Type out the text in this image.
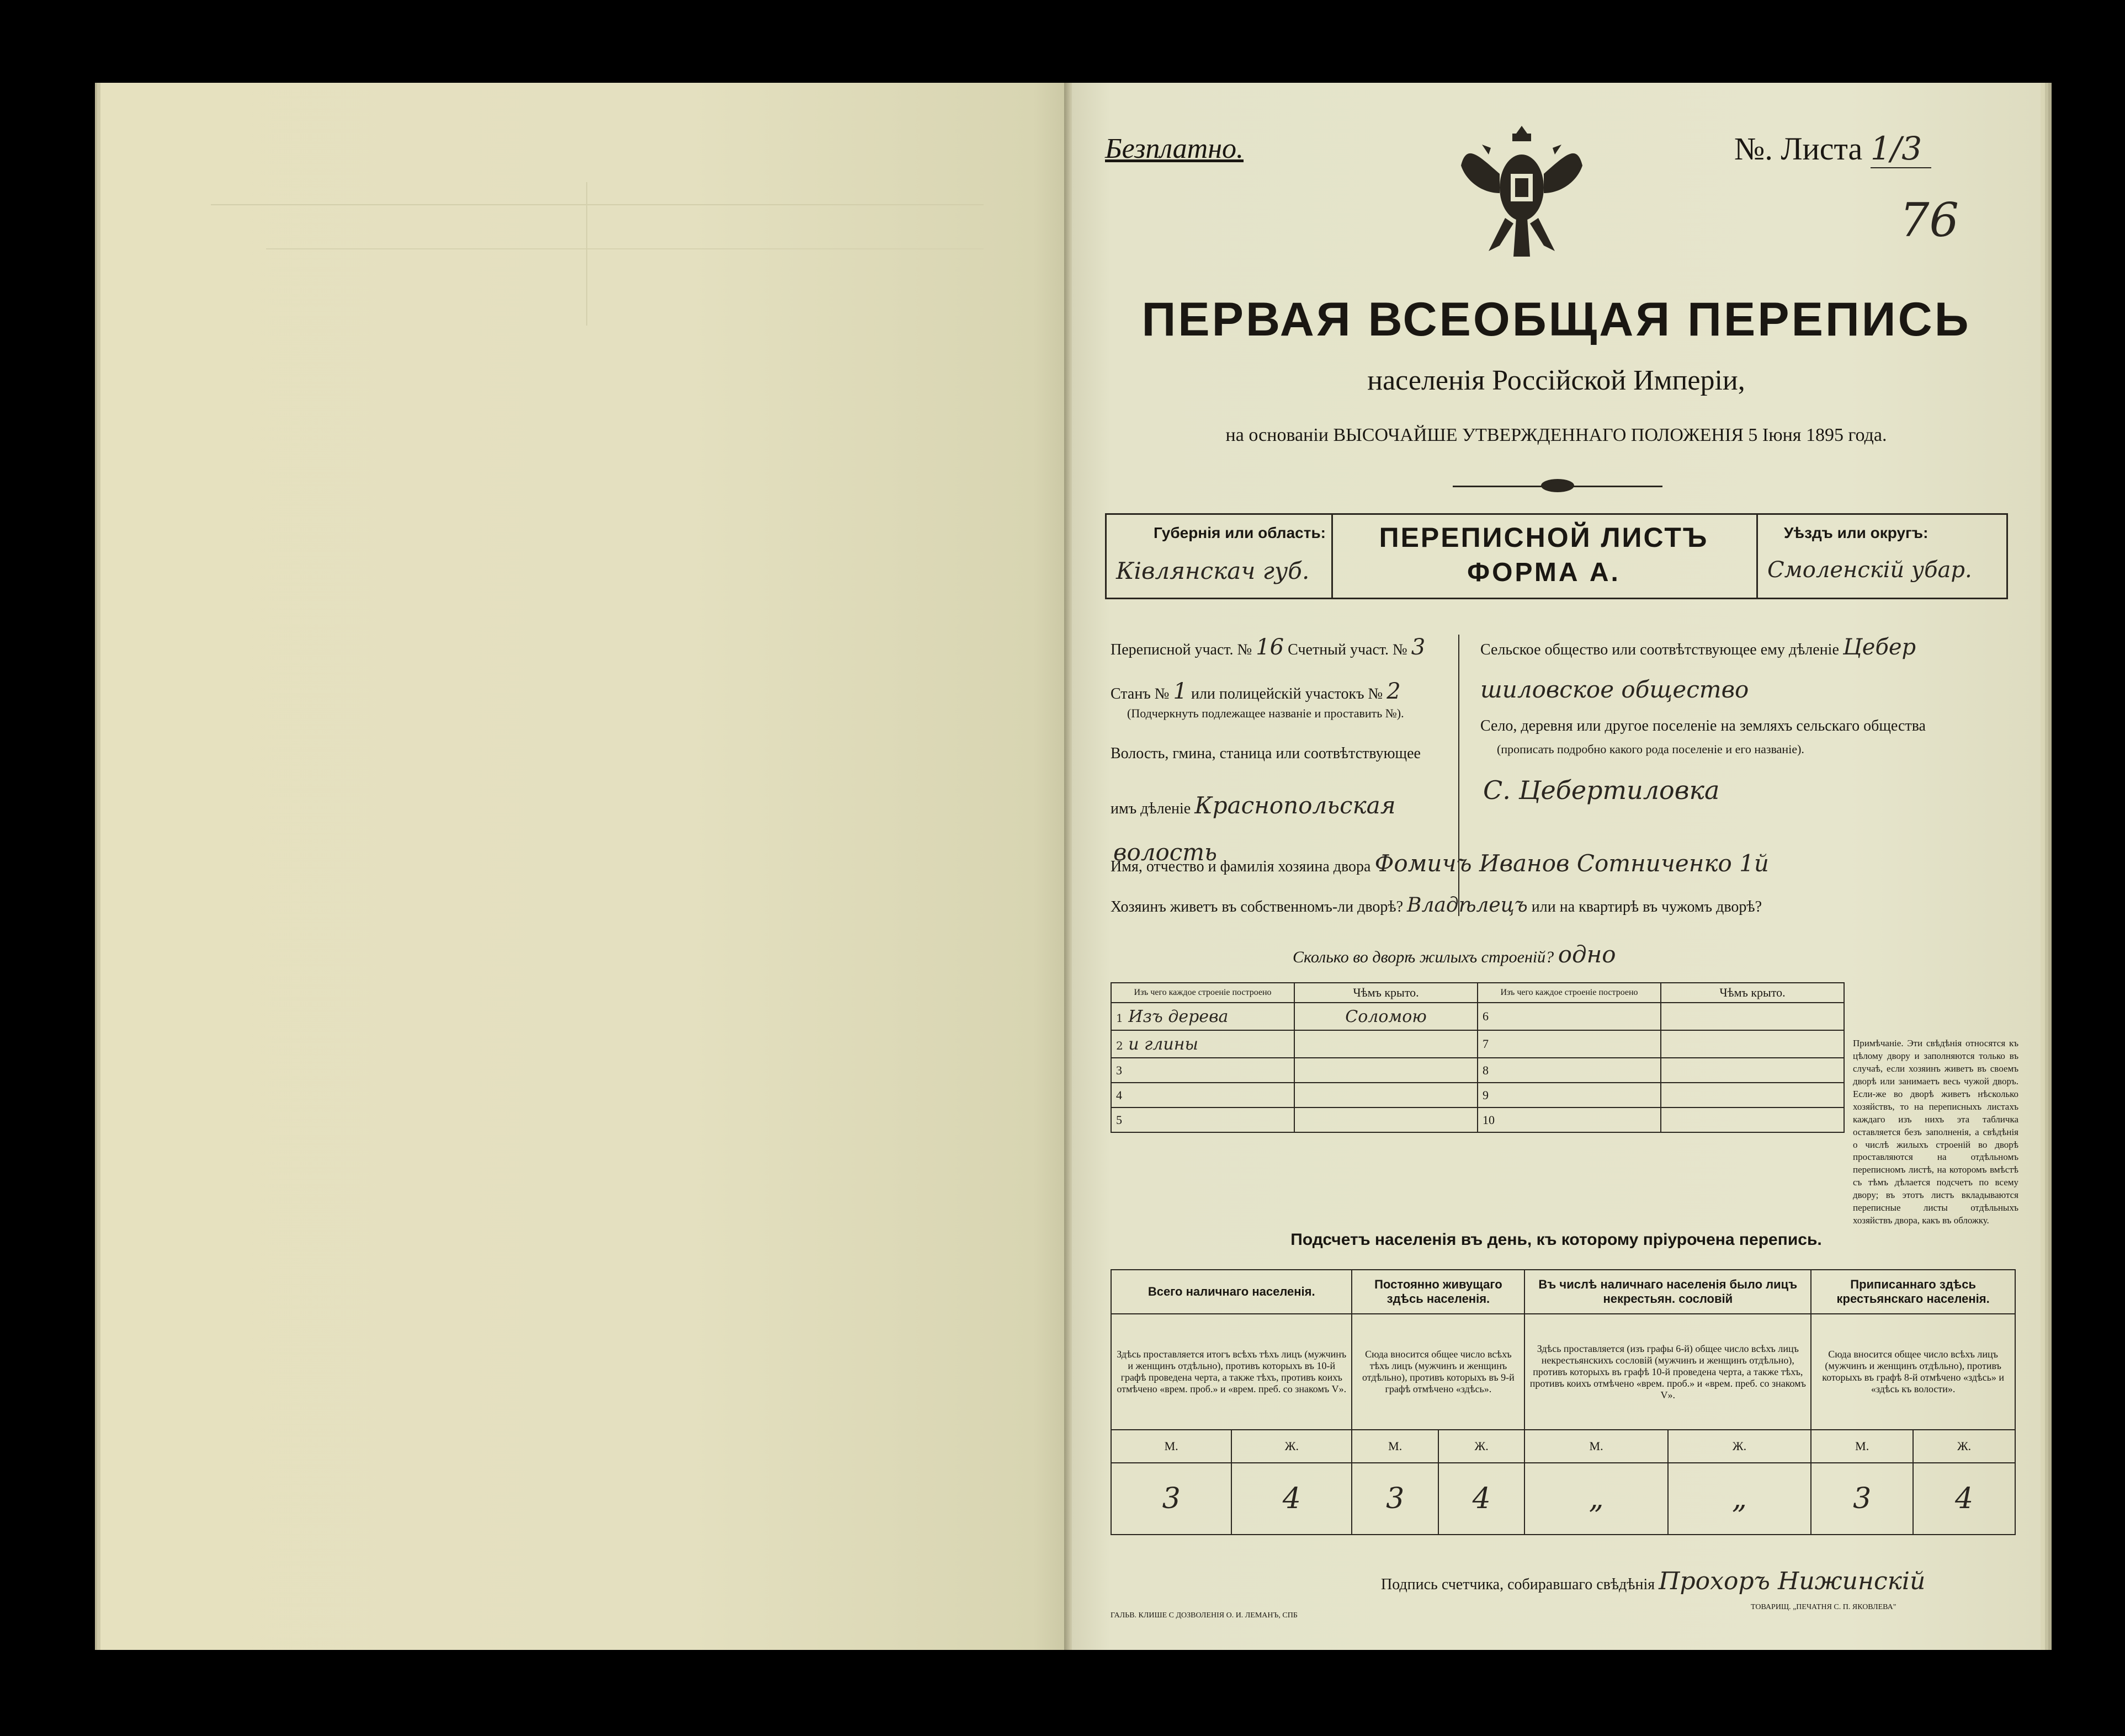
Безплатно.	№. Листа 1/3
76
ПЕРВАЯ ВСЕОБЩАЯ ПЕРЕПИСЬ
населенія Россійской Имперіи,
на основаніи ВЫСОЧАЙШЕ УТВЕРЖДЕННАГО ПОЛОЖЕНІЯ 5 Іюня 1895 года.
Губернія или область:
Ківлянскач губ.
ПЕРЕПИСНОЙ ЛИСТЪ
ФОРМА А.
Уѣздъ или округъ:
Смоленскій убар.
Переписной участ. № 16 Счетный участ. № 3
Станъ № 1 или полицейскій участокъ № 2
(Подчеркнуть подлежащее названіе и проставить №).
Волость, гмина, станица или соотвѣтствующее
имъ дѣленіе Краснопольская
волость
Сельское общество или соотвѣтствующее ему дѣленіе Цебер
шиловское общество
Село, деревня или другое поселеніе на земляхъ сельскаго общества
(прописать подробно какого рода поселеніе и его названіе).
С. Цебертиловка
Имя, отчество и фамилія хозяина двора Фомичъ Иванов Сотниченко 1й
Хозяинъ живетъ въ собственномъ-ли дворѣ? Владѣлецъ или на квартирѣ въ чужомъ дворѣ?
Сколько во дворѣ жилыхъ строеній? одно
Изъ чего каждое строеніе построено	Чѣмъ крыто.	Изъ чего каждое строеніе построено	Чѣмъ крыто.
1 Изъ дерева	Соломою	6	
2 и глины		7	
3		8	
4		9	
5		10	
Примѣчаніе. Эти свѣдѣнія относятся къ цѣлому двору и заполняются только въ случаѣ, если хозяинъ живетъ въ своемъ дворѣ или занимаетъ весь чужой дворъ. Если-же во дворѣ живетъ нѣсколько хозяйствъ, то на переписныхъ листахъ каждаго изъ нихъ эта табличка оставляется безъ заполненія, а свѣдѣнія о числѣ жилыхъ строеній во дворѣ проставляются на отдѣльномъ переписномъ листѣ, на которомъ вмѣстѣ съ тѣмъ дѣлается подсчетъ по всему двору; въ этотъ листъ вкладываются переписные листы отдѣльныхъ хозяйствъ двора, какъ въ обложку.
Подсчетъ населенія въ день, къ которому пріурочена перепись.
Всего наличнаго населенія.		Постоянно живущаго здѣсь населенія.		Въ числѣ наличнаго населенія было лицъ некрестьян. сословій		Приписаннаго здѣсь крестьянскаго населенія.	
Здѣсь проставляется итогъ всѣхъ тѣхъ лицъ (мужчинъ и женщинъ отдѣльно), противъ которыхъ въ 10-й графѣ проведена черта, а также тѣхъ, противъ коихъ отмѣчено «врем. проб.» и «врем. преб. со знакомъ V».		Сюда вносится общее число всѣхъ тѣхъ лицъ (мужчинъ и женщинъ отдѣльно), противъ которыхъ въ 9-й графѣ отмѣчено «здѣсь».		Здѣсь проставляется (изъ графы 6-й) общее число всѣхъ лицъ некрестьянскихъ сословій (мужчинъ и женщинъ отдѣльно), противъ которыхъ въ графѣ 10-й проведена черта, а также тѣхъ, противъ коихъ отмѣчено «врем. проб.» и «врем. преб. со знакомъ V».		Сюда вносится общее число всѣхъ лицъ (мужчинъ и женщинъ отдѣльно), противъ которыхъ въ графѣ 8-й отмѣчено «здѣсь» и «здѣсь къ волости».	
М.	Ж.	М.	Ж.	М.	Ж.	М.	Ж.
3	4	3	4	„	„	3	4
Подпись счетчика, собиравшаго свѣдѣнія Прохоръ Нижинскій
ГАЛЬВ. КЛИШЕ С ДОЗВОЛЕНІЯ О. И. ЛЕМАНЪ, СПБ
ТОВАРИЩ. „ПЕЧАТНЯ С. П. ЯКОВЛЕВА"
